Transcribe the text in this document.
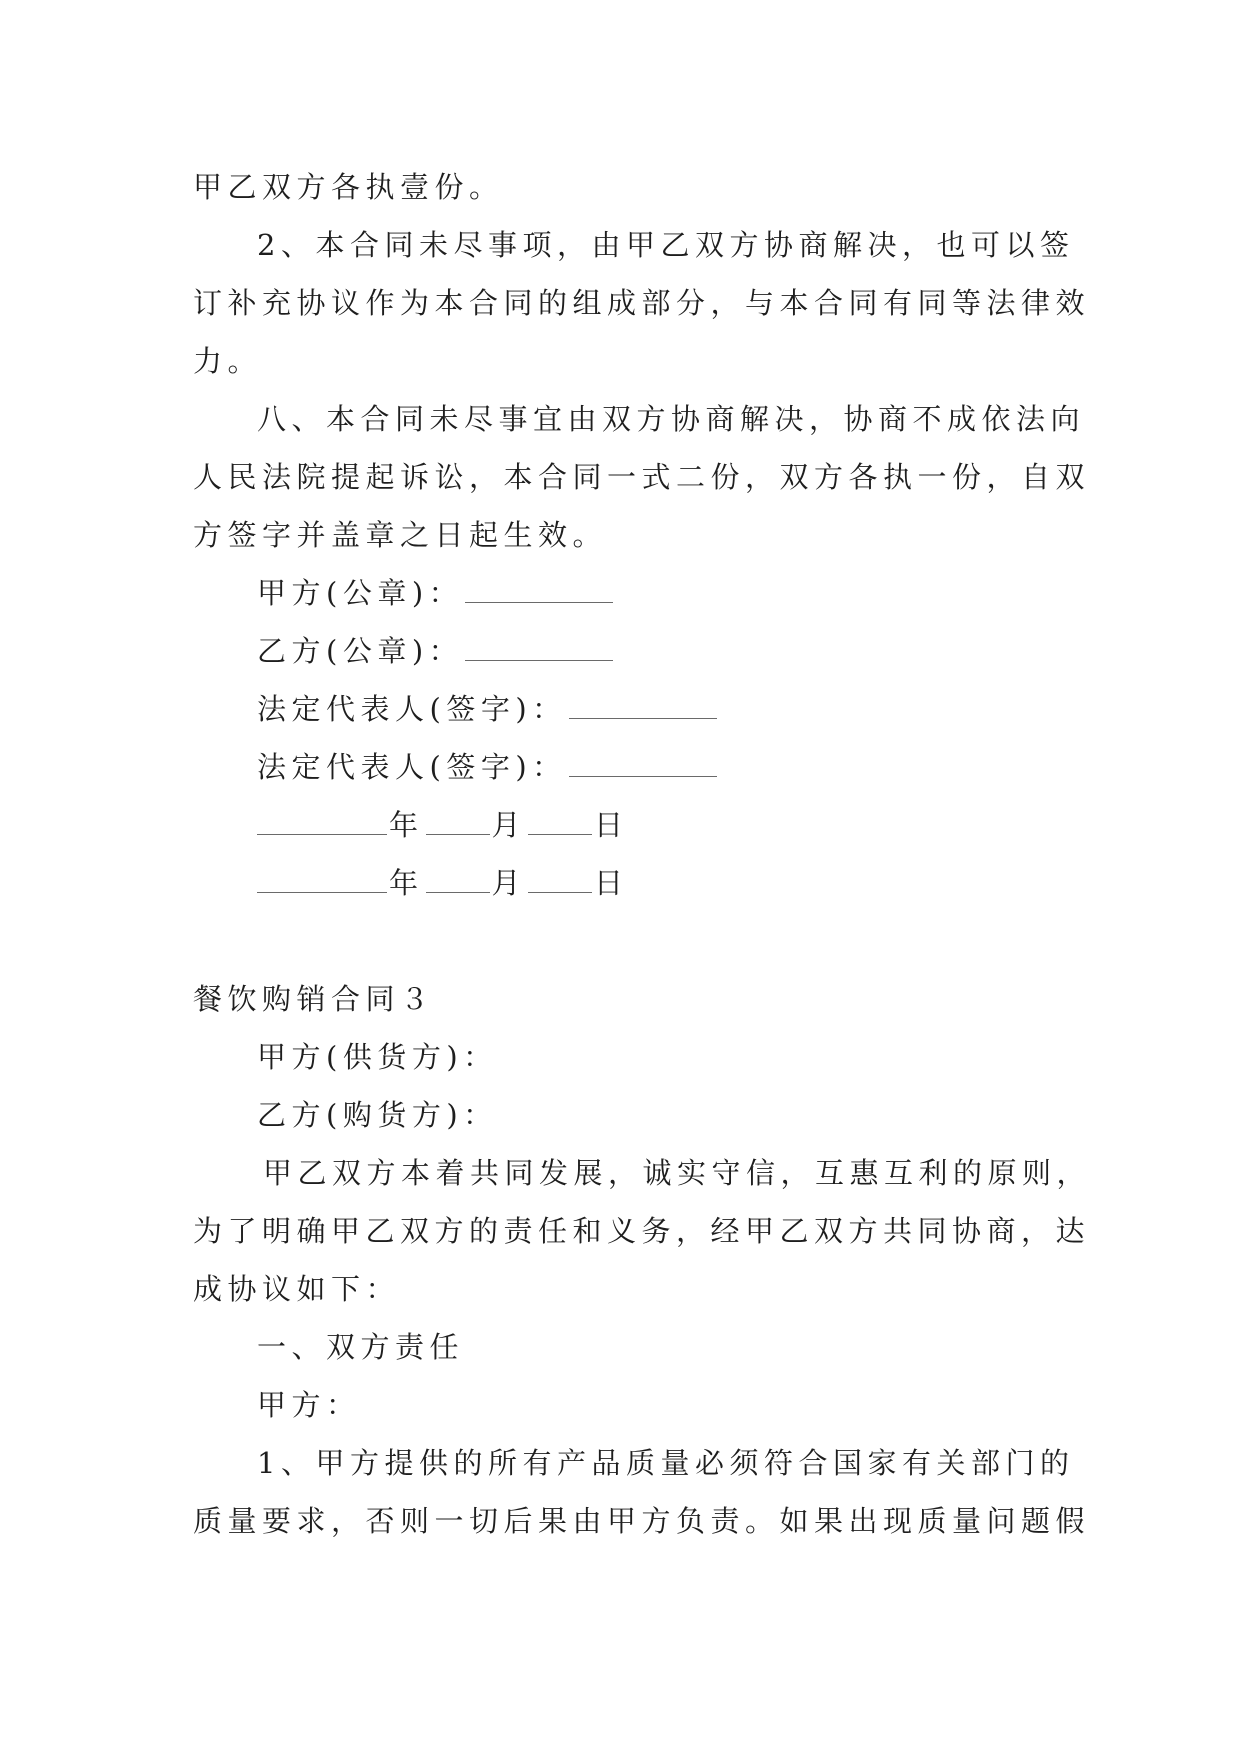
甲乙双方各执壹份。

2、本合同未尽事项，由甲乙双方协商解决，也可以签

订补充协议作为本合同的组成部分，与本合同有同等法律效

力。

八、本合同未尽事宜由双方协商解决，协商不成依法向

人民法院提起诉讼，本合同一式二份，双方各执一份，自双

方签字并盖章之日起生效。

甲方(公章)：

乙方(公章)：

法定代表人(签字)：

法定代表人(签字)：

年 月 日

年 月 日

餐饮购销合同３

甲方(供货方)：

乙方(购货方)：

甲乙双方本着共同发展，诚实守信，互惠互利的原则，

为了明确甲乙双方的责任和义务，经甲乙双方共同协商，达

成协议如下：

一、双方责任

甲方：

1、甲方提供的所有产品质量必须符合国家有关部门的

质量要求，否则一切后果由甲方负责。如果出现质量问题假
